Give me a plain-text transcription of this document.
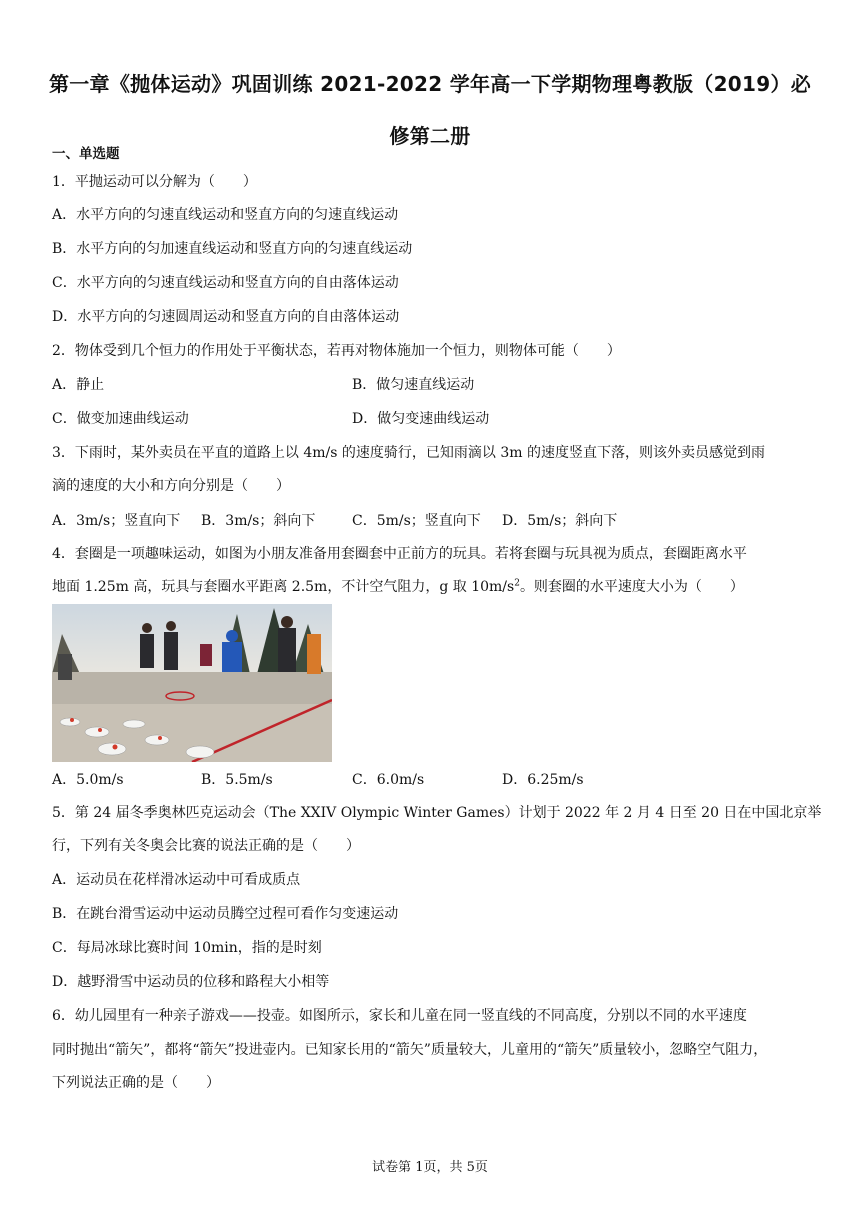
第一章《抛体运动》巩固训练 2021-2022 学年高一下学期物理粤教版（2019）必
修第二册
一、单选题
1．平抛运动可以分解为（　　）
A．水平方向的匀速直线运动和竖直方向的匀速直线运动
B．水平方向的匀加速直线运动和竖直方向的匀速直线运动
C．水平方向的匀速直线运动和竖直方向的自由落体运动
D．水平方向的匀速圆周运动和竖直方向的自由落体运动
2．物体受到几个恒力的作用处于平衡状态，若再对物体施加一个恒力，则物体可能（　　）
A．静止	B．做匀速直线运动
C．做变加速曲线运动	D．做匀变速曲线运动
3．下雨时，某外卖员在平直的道路上以 4m/s 的速度骑行，已知雨滴以 3m 的速度竖直下落，则该外卖员感觉到雨
滴的速度的大小和方向分别是（　　）
A．3m/s；竖直向下 B．3m/s；斜向下	C．5m/s；竖直向下 D．5m/s；斜向下
4．套圈是一项趣味运动，如图为小朋友准备用套圈套中正前方的玩具。若将套圈与玩具视为质点，套圈距离水平
地面 1.25m 高，玩具与套圈水平距离 2.5m，不计空气阻力，g 取 $10m/s^2$。则套圈的水平速度大小为（　　）
A．5.0m/s	B．5.5m/s	C．6.0m/s	D．6.25m/s
5．第 24 届冬季奥林匹克运动会（The XXIV Olympic Winter Games）计划于 2022 年 2 月 4 日至 20 日在中国北京举
行，下列有关冬奥会比赛的说法正确的是（　　）
A．运动员在花样滑冰运动中可看成质点
B．在跳台滑雪运动中运动员腾空过程可看作匀变速运动
C．每局冰球比赛时间 10min，指的是时刻
D．越野滑雪中运动员的位移和路程大小相等
6．幼儿园里有一种亲子游戏——投壶。如图所示，家长和儿童在同一竖直线的不同高度，分别以不同的水平速度
同时抛出“箭矢”，都将“箭矢”投进壶内。已知家长用的“箭矢”质量较大，儿童用的“箭矢”质量较小，忽略空气阻力，
下列说法正确的是（　　）
试卷第 1页，共 5页
